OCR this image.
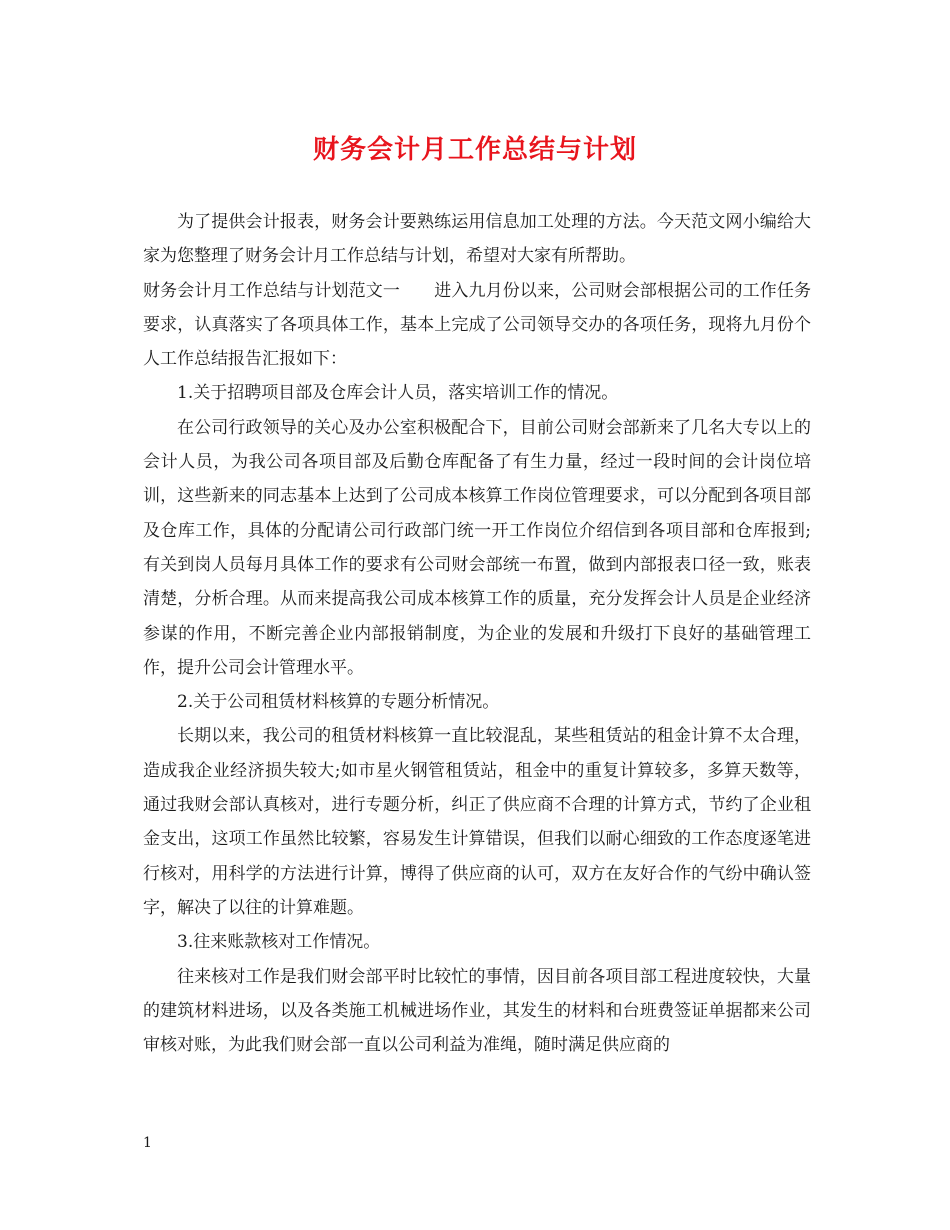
财务会计月工作总结与计划

为了提供会计报表，财务会计要熟练运用信息加工处理的方法。今天范文网小编给大家为您整理了财务会计月工作总结与计划，希望对大家有所帮助。

财务会计月工作总结与计划范文一　　进入九月份以来，公司财会部根据公司的工作任务要求，认真落实了各项具体工作，基本上完成了公司领导交办的各项任务，现将九月份个人工作总结报告汇报如下：

1.关于招聘项目部及仓库会计人员，落实培训工作的情况。

在公司行政领导的关心及办公室积极配合下，目前公司财会部新来了几名大专以上的会计人员，为我公司各项目部及后勤仓库配备了有生力量，经过一段时间的会计岗位培训，这些新来的同志基本上达到了公司成本核算工作岗位管理要求，可以分配到各项目部及仓库工作，具体的分配请公司行政部门统一开工作岗位介绍信到各项目部和仓库报到;有关到岗人员每月具体工作的要求有公司财会部统一布置，做到内部报表口径一致，账表清楚，分析合理。从而来提高我公司成本核算工作的质量，充分发挥会计人员是企业经济参谋的作用，不断完善企业内部报销制度，为企业的发展和升级打下良好的基础管理工作，提升公司会计管理水平。

2.关于公司租赁材料核算的专题分析情况。

长期以来，我公司的租赁材料核算一直比较混乱，某些租赁站的租金计算不太合理，造成我企业经济损失较大;如市星火钢管租赁站，租金中的重复计算较多，多算天数等，通过我财会部认真核对，进行专题分析，纠正了供应商不合理的计算方式，节约了企业租金支出，这项工作虽然比较繁，容易发生计算错误，但我们以耐心细致的工作态度逐笔进行核对，用科学的方法进行计算，博得了供应商的认可，双方在友好合作的气纷中确认签字，解决了以往的计算难题。

3.往来账款核对工作情况。

往来核对工作是我们财会部平时比较忙的事情，因目前各项目部工程进度较快，大量的建筑材料进场，以及各类施工机械进场作业，其发生的材料和台班费签证单据都来公司审核对账，为此我们财会部一直以公司利益为准绳，随时满足供应商的

1
